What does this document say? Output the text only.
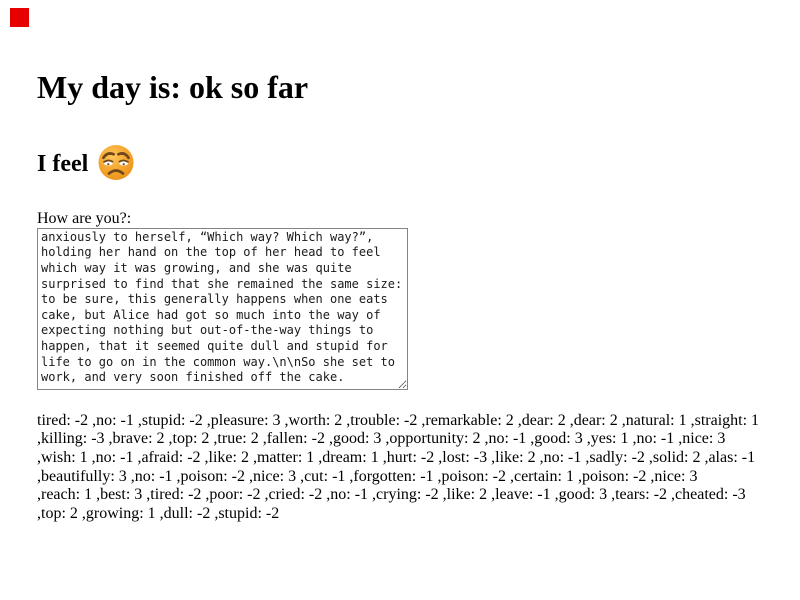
My day is: ok so far
I feel
How are you?:
anxiously to herself, “Which way? Which way?”, holding her hand on the top of her head to feel which way it was growing, and she was quite surprised to find that she remained the same size: to be sure, this generally happens when one eats cake, but Alice had got so much into the way of expecting nothing but out-of-the-way things to happen, that it seemed quite dull and stupid for life to go on in the common way.\n\nSo she set to work, and very soon finished off the cake.
tired: -2 ,no: -1 ,stupid: -2 ,pleasure: 3 ,worth: 2 ,trouble: -2 ,remarkable: 2 ,dear: 2 ,dear: 2 ,natural: 1 ,straight: 1
,killing: -3 ,brave: 2 ,top: 2 ,true: 2 ,fallen: -2 ,good: 3 ,opportunity: 2 ,no: -1 ,good: 3 ,yes: 1 ,no: -1 ,nice: 3
,wish: 1 ,no: -1 ,afraid: -2 ,like: 2 ,matter: 1 ,dream: 1 ,hurt: -2 ,lost: -3 ,like: 2 ,no: -1 ,sadly: -2 ,solid: 2 ,alas: -1
,beautifully: 3 ,no: -1 ,poison: -2 ,nice: 3 ,cut: -1 ,forgotten: -1 ,poison: -2 ,certain: 1 ,poison: -2 ,nice: 3
,reach: 1 ,best: 3 ,tired: -2 ,poor: -2 ,cried: -2 ,no: -1 ,crying: -2 ,like: 2 ,leave: -1 ,good: 3 ,tears: -2 ,cheated: -3
,top: 2 ,growing: 1 ,dull: -2 ,stupid: -2
